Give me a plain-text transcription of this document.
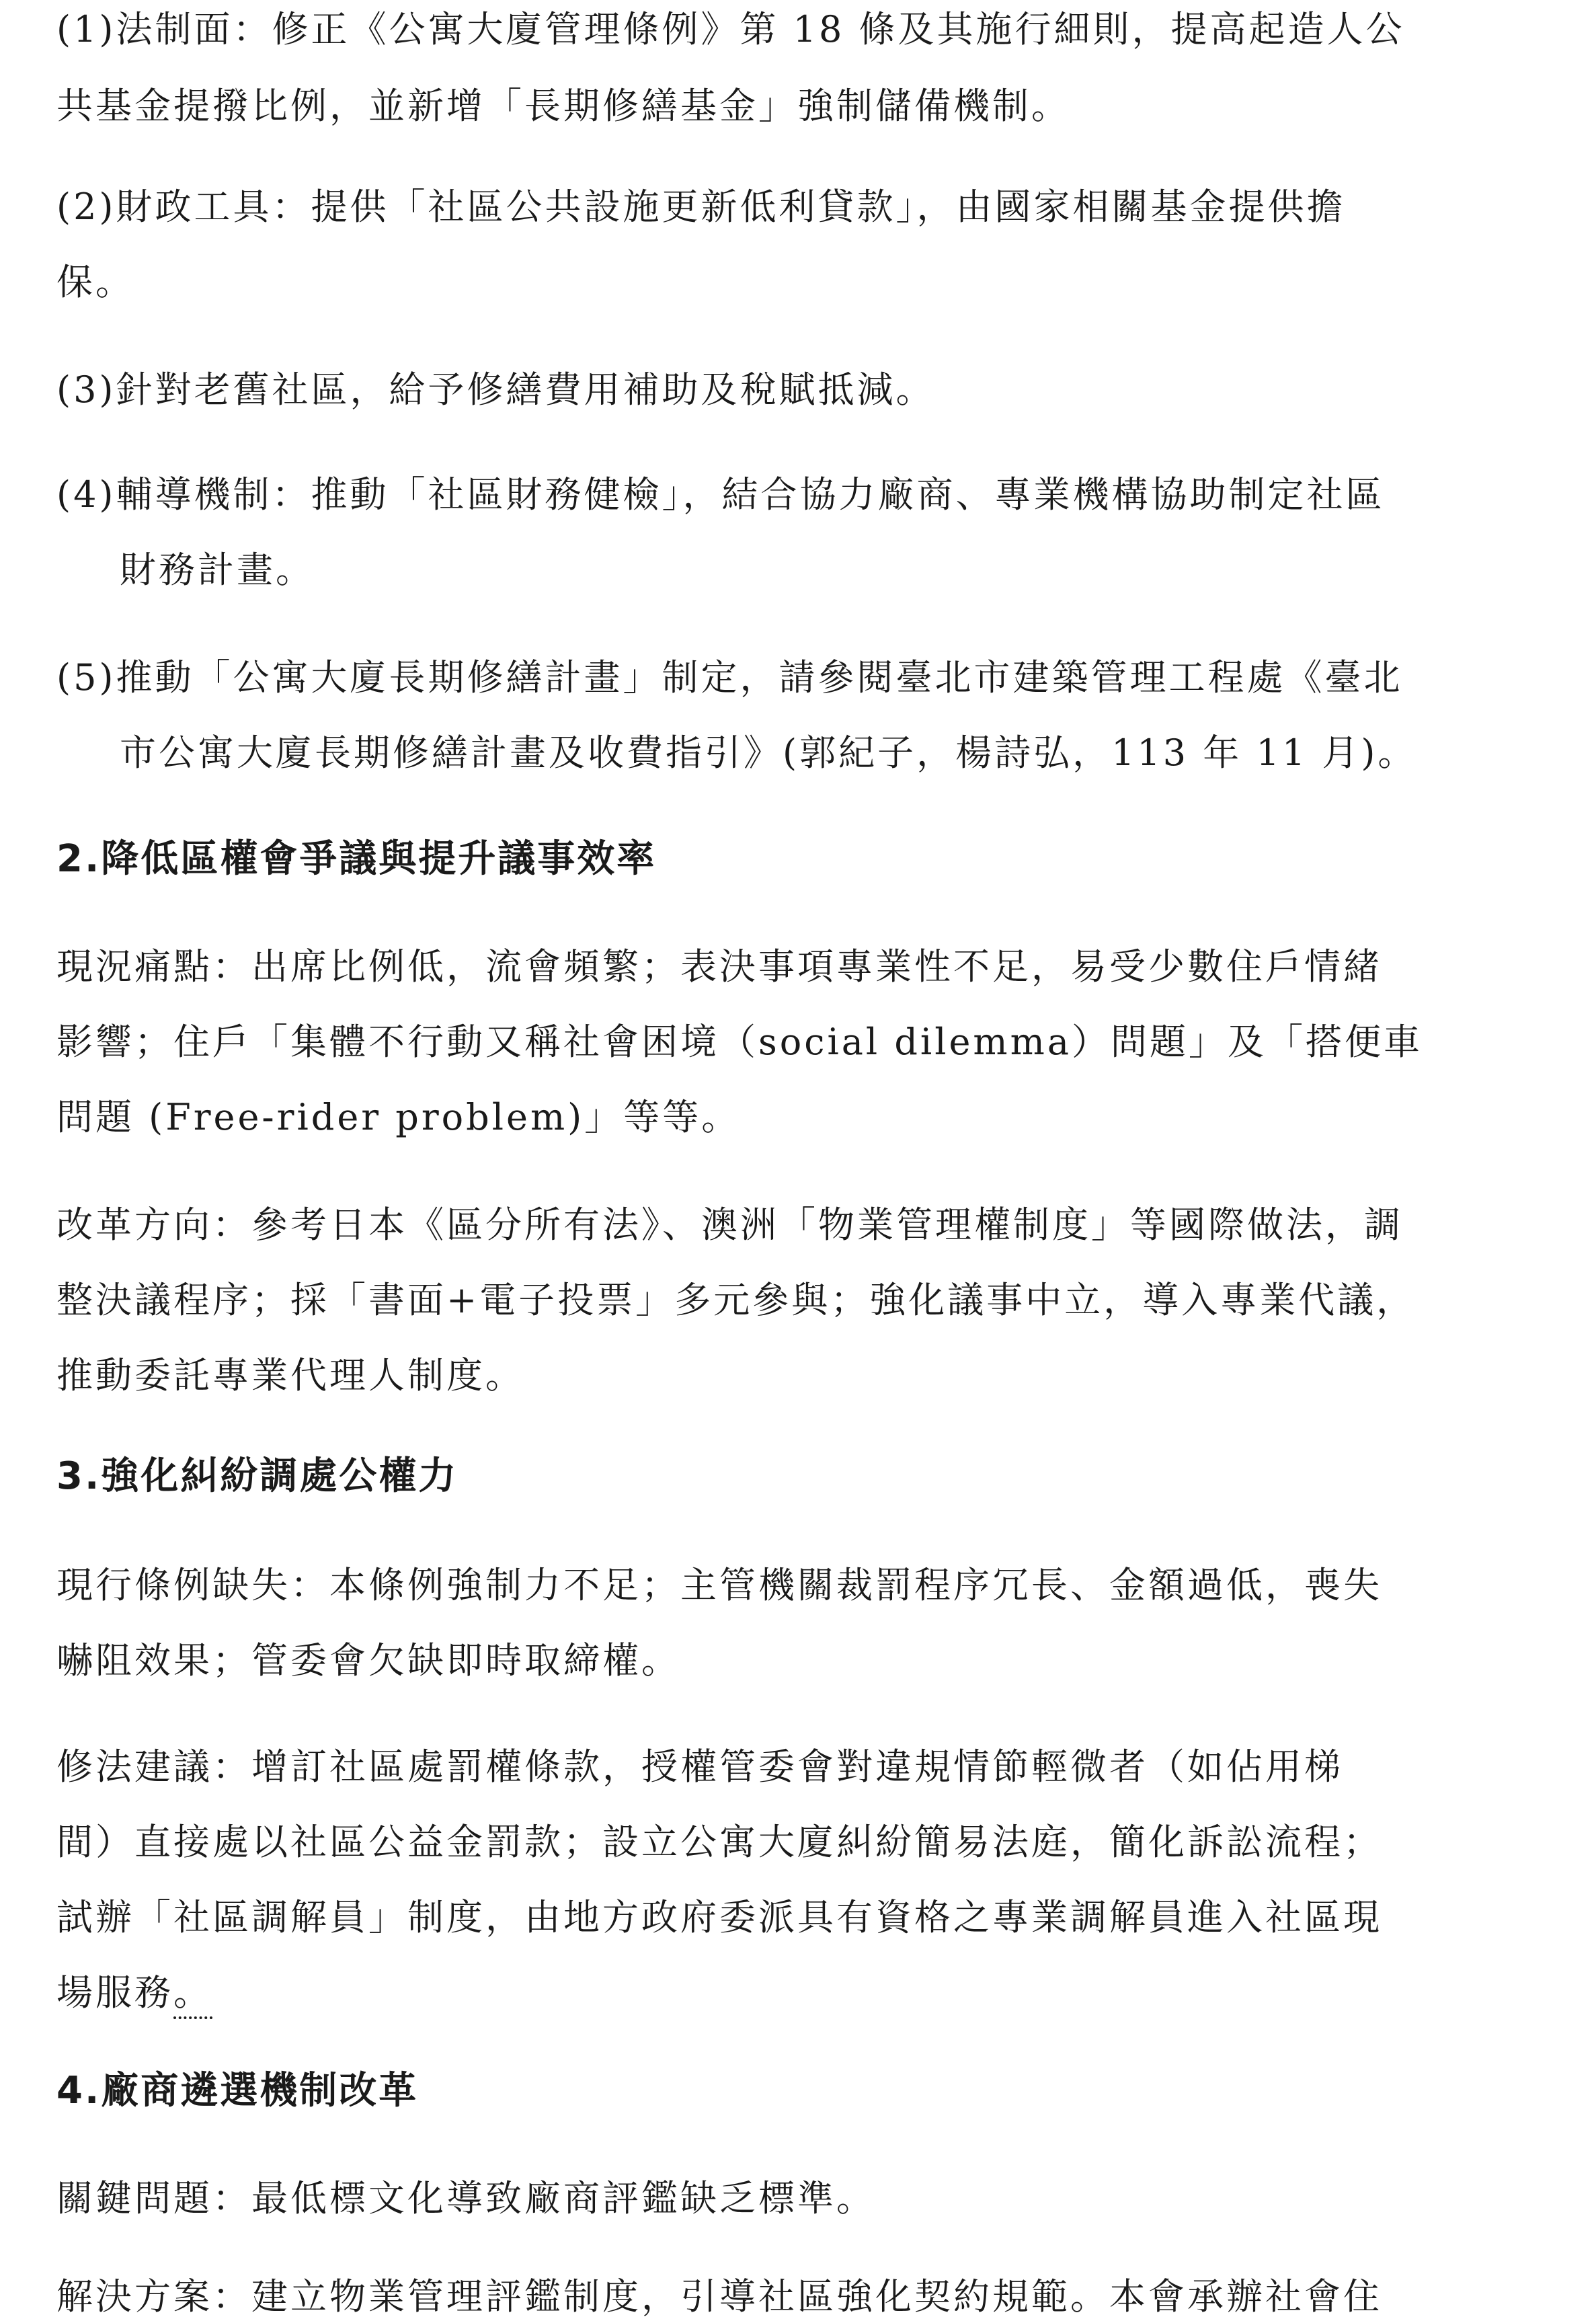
(1)法制面：修正《公寓大廈管理條例》第 18 條及其施行細則，提高起造人公

共基金提撥比例，並新增「長期修繕基金」強制儲備機制。

(2)財政工具：提供「社區公共設施更新低利貸款」，由國家相關基金提供擔

保。

(3)針對老舊社區，給予修繕費用補助及稅賦抵減。

(4)輔導機制：推動「社區財務健檢」，結合協力廠商、專業機構協助制定社區

財務計畫。

(5)推動「公寓大廈長期修繕計畫」制定，請參閱臺北市建築管理工程處《臺北

市公寓大廈長期修繕計畫及收費指引》(郭紀子，楊詩弘，113 年 11 月)。

2.降低區權會爭議與提升議事效率

現況痛點：出席比例低，流會頻繁；表決事項專業性不足，易受少數住戶情緒

影響；住戶「集體不行動又稱社會困境（social dilemma）問題」及「搭便車

問題 (Free-rider problem)」等等。

改革方向：參考日本《區分所有法》、澳洲「物業管理權制度」等國際做法，調

整決議程序；採「書面+電子投票」多元參與；強化議事中立，導入專業代議，

推動委託專業代理人制度。

3.強化糾紛調處公權力

現行條例缺失：本條例強制力不足；主管機關裁罰程序冗長、金額過低，喪失

嚇阻效果；管委會欠缺即時取締權。

修法建議：增訂社區處罰權條款，授權管委會對違規情節輕微者（如佔用梯

間）直接處以社區公益金罰款；設立公寓大廈糾紛簡易法庭，簡化訴訟流程；

試辦「社區調解員」制度，由地方政府委派具有資格之專業調解員進入社區現

場服務。

4.廠商遴選機制改革

關鍵問題：最低標文化導致廠商評鑑缺乏標準。

解決方案：建立物業管理評鑑制度，引導社區強化契約規範。本會承辦社會住
